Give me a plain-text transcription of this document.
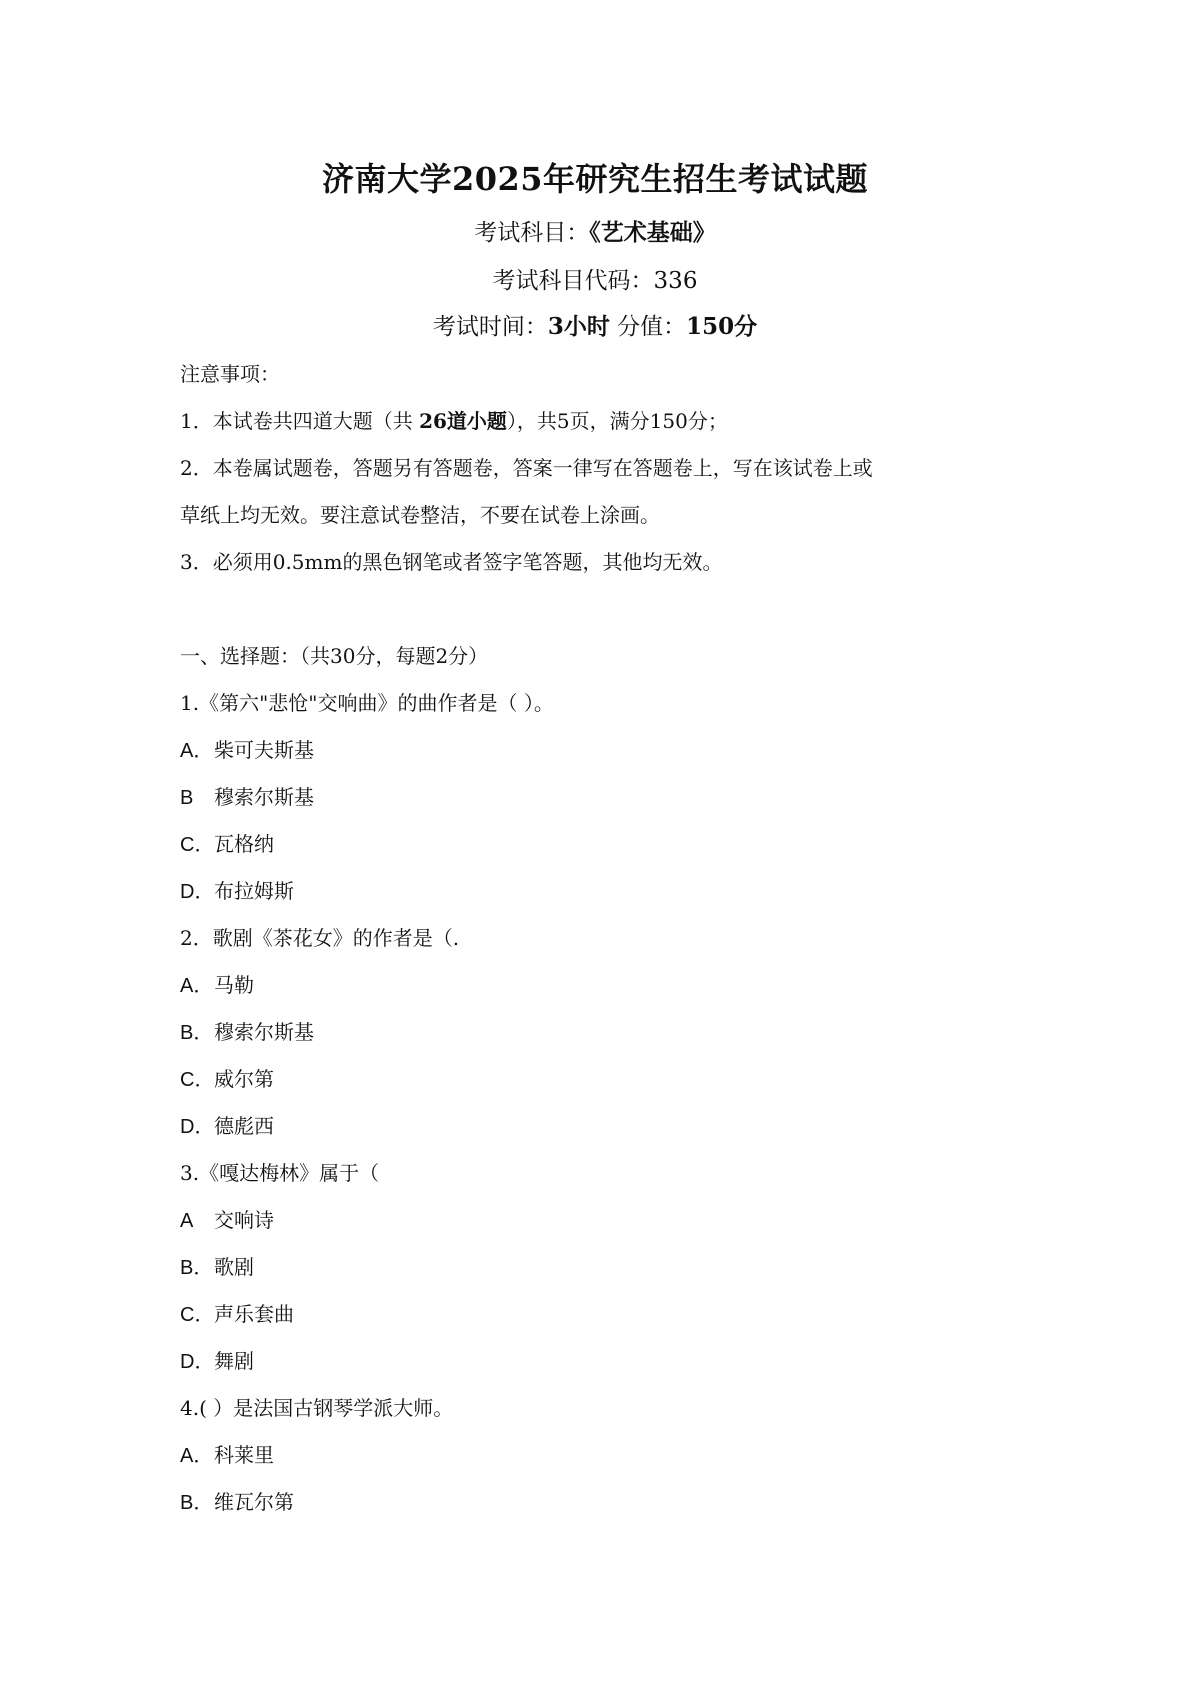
济南大学2025年研究生招生考试试题
考试科目：《艺术基础》
考试科目代码：336
考试时间：3小时 分值：150分
注意事项：
1．本试卷共四道大题（共 26道小题），共5页，满分150分；
2．本卷属试题卷，答题另有答题卷，答案一律写在答题卷上，写在该试卷上或
草纸上均无效。要注意试卷整洁，不要在试卷上涂画。
3．必须用0.5mm的黑色钢笔或者签字笔答题，其他均无效。
一、选择题：（共30分，每题2分）
1.《第六"悲怆"交响曲》的曲作者是（ ）。
A．柴可夫斯基
B 穆索尔斯基
C．瓦格纳
D．布拉姆斯
2．歌剧《茶花女》的作者是（.
A．马勒
B．穆索尔斯基
C．威尔第
D．德彪西
3.《嘎达梅林》属于（
A 交响诗
B．歌剧
C．声乐套曲
D．舞剧
4.( ）是法国古钢琴学派大师。
A．科莱里
B．维瓦尔第
